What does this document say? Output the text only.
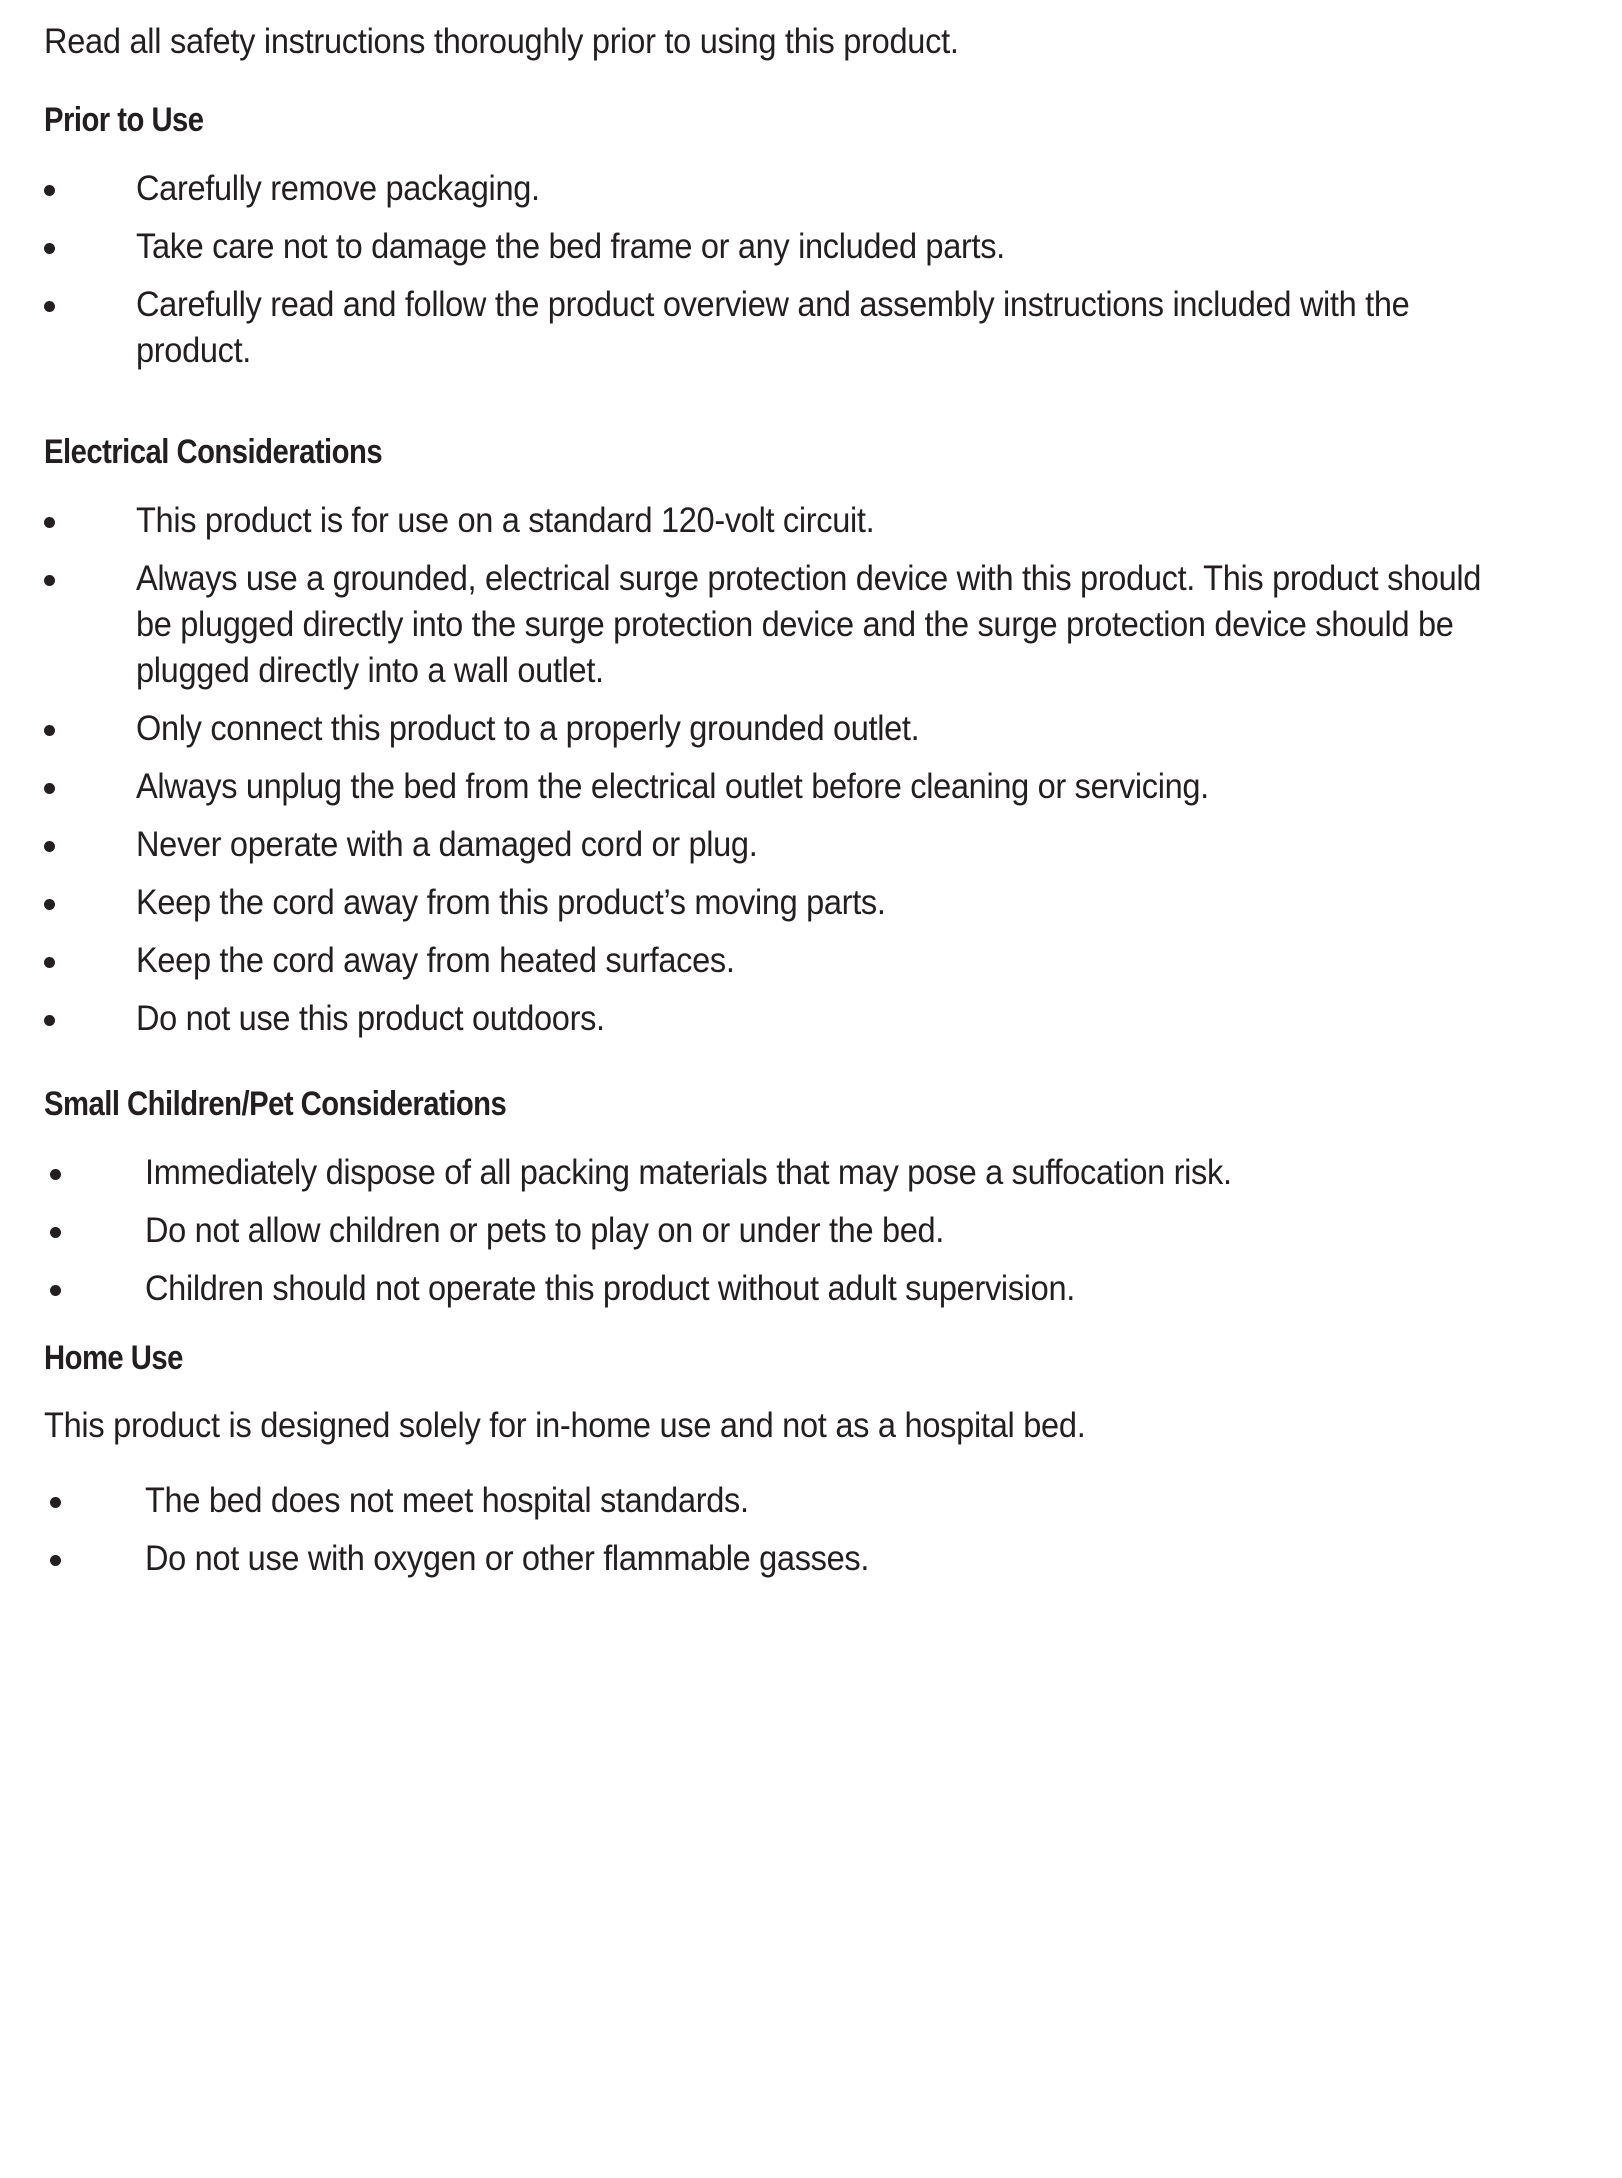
Read all safety instructions thoroughly prior to using this product.

Prior to Use
Carefully remove packaging.
Take care not to damage the bed frame or any included parts.
Carefully read and follow the product overview and assembly instructions included with the product.
Electrical Considerations
This product is for use on a standard 120-volt circuit.
Always use a grounded, electrical surge protection device with this product. This product should be plugged directly into the surge protection device and the surge protection device should be plugged directly into a wall outlet.
Only connect this product to a properly grounded outlet.
Always unplug the bed from the electrical outlet before cleaning or servicing.
Never operate with a damaged cord or plug.
Keep the cord away from this product’s moving parts.
Keep the cord away from heated surfaces.
Do not use this product outdoors.
Small Children/Pet Considerations
Immediately dispose of all packing materials that may pose a suffocation risk.
Do not allow children or pets to play on or under the bed.
Children should not operate this product without adult supervision.
Home Use

This product is designed solely for in-home use and not as a hospital bed.

The bed does not meet hospital standards.
Do not use with oxygen or other flammable gasses.
